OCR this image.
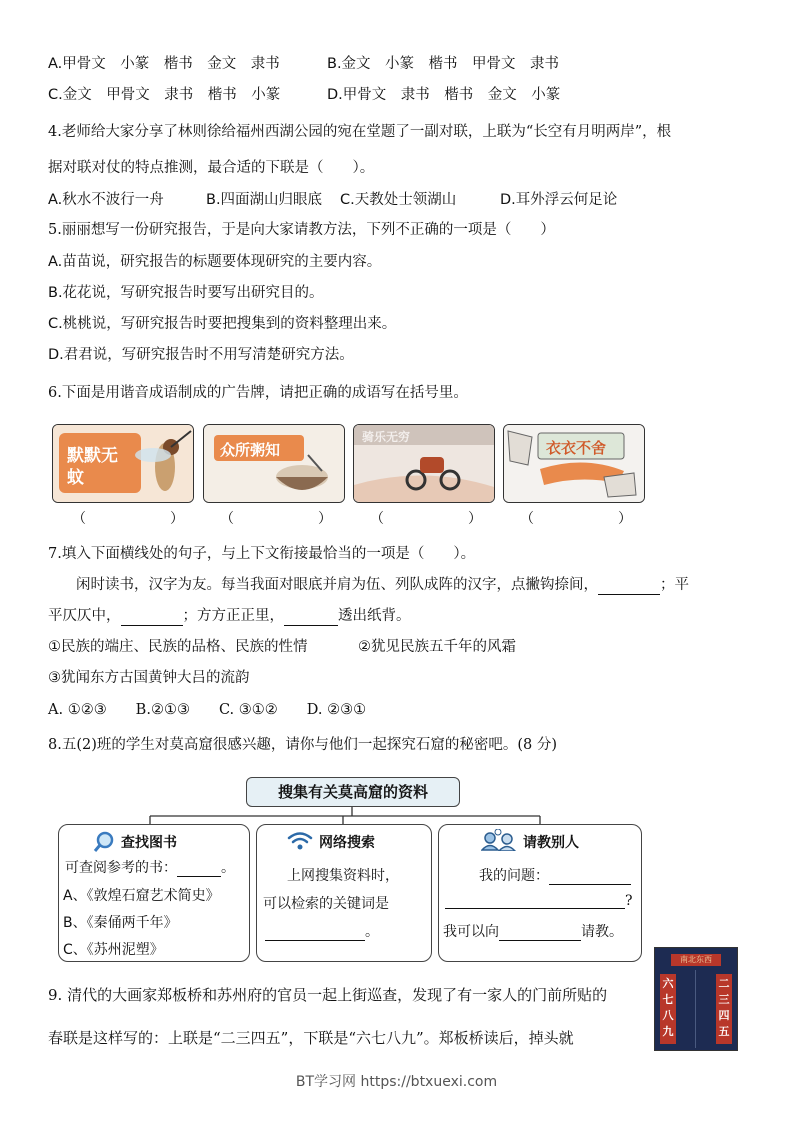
A.甲骨文　小篆　楷书　金文　隶书	B.金文　小篆　楷书　甲骨文　隶书
C.金文　甲骨文　隶书　楷书　小篆	D.甲骨文　隶书　楷书　金文　小篆
4.老师给大家分享了林则徐给福州西湖公园的宛在堂题了一副对联，上联为“长空有月明两岸”，根
据对联对仗的特点推测，最合适的下联是（　　）。
A.秋水不波行一舟	B.四面湖山归眼底 C.天教处士领湖山	D.耳外浮云何足论
5.丽丽想写一份研究报告，于是向大家请教方法，下列不正确的一项是（　　）
A.苗苗说，研究报告的标题要体现研究的主要内容。
B.花花说，写研究报告时要写出研究目的。
C.桃桃说，写研究报告时要把搜集到的资料整理出来。
D.君君说，写研究报告时不用写清楚研究方法。
6.下面是用谐音成语制成的广告牌，请把正确的成语写在括号里。
默默无蚊
众所粥知
骑乐无穷
衣衣不舍
（	）	（	）	（	）	（	）
7.填入下面横线处的句子，与上下文衔接最恰当的一项是（　　）。
闲时读书，汉字为友。每当我面对眼底并肩为伍、列队成阵的汉字，点撇钩捺间，	；平
平仄仄中，	；方方正正里，	透出纸背。
①民族的端庄、民族的品格、民族的性情	②犹见民族五千年的风霜
③犹闻东方古国黄钟大吕的流韵
A. ①②③　　B.②①③　　C. ③①②　　D. ②③①
8.五(2)班的学生对莫高窟很感兴趣，请你与他们一起探究石窟的秘密吧。(8 分)
搜集有关莫高窟的资料
查找图书
可查阅参考的书：	。
A、《敦煌石窟艺术简史》
B、《秦俑两千年》
C、《苏州泥塑》
网络搜索
上网搜集资料时，
可以检索的关键词是
。
请教别人
我的问题：
?
我可以向	请教。
9. 清代的大画家郑板桥和苏州府的官员一起上街巡查，发现了有一家人的门前所贴的
春联是这样写的：上联是“二三四五”，下联是“六七八九”。郑板桥读后，掉头就
南北东西
六七八九
二三四五
BT学习网 https://btxuexi.com
